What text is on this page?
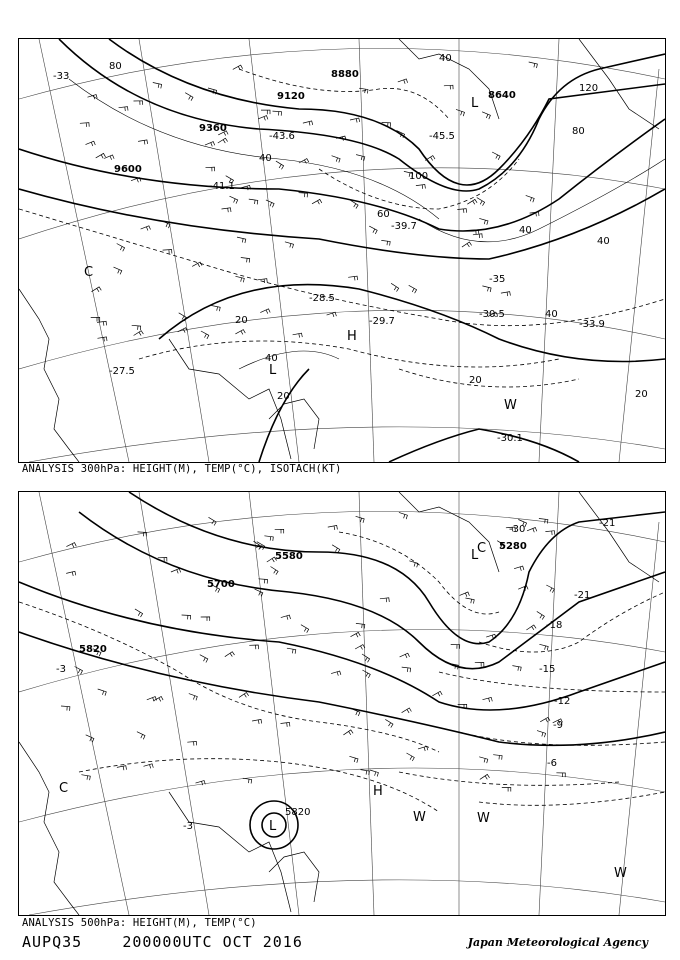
9600
9360
9120
8880
8640
80
40
20
20
40
60
100
80
40
40
20
20
40
40
120
-33
-35
-39.7
-41.1
-43.6	-45.5
-30.5
-30.1
-33.9
-28.5
-29.7
-27.5
L
L
H
W
C
ANALYSIS 300hPa: HEIGHT(M), TEMP(°C), ISOTACH(KT)
5820
5700
5580
5280
5820
-30
-21
-21
-18
-15
-12
-9
-6
-3
-3
L
L
C
H
W	W
W
C
ANALYSIS 500hPa: HEIGHT(M), TEMP(°C)
AUPQ35	200000UTC OCT 2016	Japan Meteorological Agency
